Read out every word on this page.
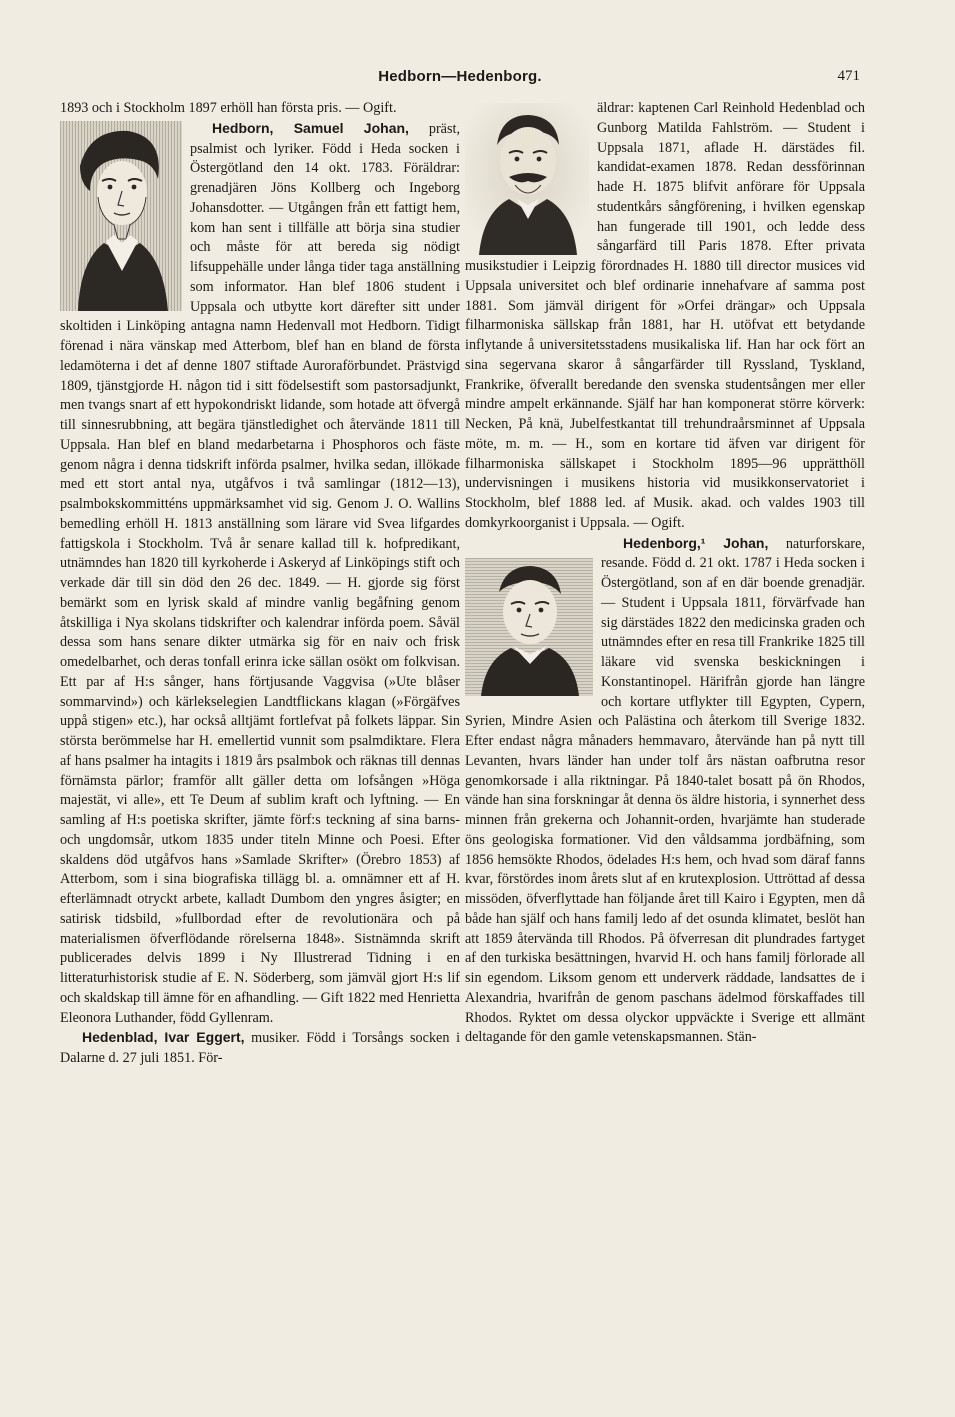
Hedborn—Hedenborg.	471

1893 och i Stockholm 1897 erhöll han första pris. — Ogift.

Hedborn, Samuel Johan, präst, psalmist och lyriker. Född i Heda socken i Östergötland den 14 okt. 1783. Föräldrar: grenadjären Jöns Kollberg och Ingeborg Johansdotter. — Utgången från ett fattigt hem, kom han sent i tillfälle att börja sina studier och måste för att bereda sig nödigt lifsuppehälle under långa tider taga anställning som informator. Han blef 1806 student i Uppsala och utbytte kort därefter sitt under skoltiden i Linköping antagna namn Hedenvall mot Hedborn. Tidigt förenad i nära vänskap med Atterbom, blef han en bland de första ledamöterna i det af denne 1807 stiftade Auroraförbundet. Prästvigd 1809, tjänstgjorde H. någon tid i sitt födelsestift som pastorsadjunkt, men tvangs snart af ett hypokondriskt lidande, som hotade att öfvergå till sinnesrubbning, att begära tjänstledighet och återvände 1811 till Uppsala. Han blef en bland medarbetarna i Phosphoros och fäste genom några i denna tidskrift införda psalmer, hvilka sedan, illökade med ett stort antal nya, utgåfvos i två samlingar (1812—13), psalmbokskommitténs uppmärksamhet vid sig. Genom J. O. Wallins bemedling erhöll H. 1813 anställning som lärare vid Svea lifgardes fattigskola i Stockholm. Två år senare kallad till k. hofpredikant, utnämndes han 1820 till kyrkoherde i Askeryd af Linköpings stift och verkade där till sin död den 26 dec. 1849. — H. gjorde sig först bemärkt som en lyrisk skald af mindre vanlig begåfning genom åtskilliga i Nya skolans tidskrifter och kalendrar införda poem. Såväl dessa som hans senare dikter utmärka sig för en naiv och frisk omedelbarhet, och deras tonfall erinra icke sällan osökt om folkvisan. Ett par af H:s sånger, hans förtjusande Vaggvisa (»Ute blåser sommarvind») och kärlekselegien Landtflickans klagan (»Förgäfves uppå stigen» etc.), har också alltjämt fortlefvat på folkets läppar. Sin största berömmelse har H. emellertid vunnit som psalmdiktare. Flera af hans psalmer ha intagits i 1819 års psalmbok och räknas till dennas förnämsta pärlor; framför allt gäller detta om lofsången »Höga majestät, vi alle», ett Te Deum af sublim kraft och lyftning. — En samling af H:s poetiska skrifter, jämte förf:s teckning af sina barns- och ungdomsår, utkom 1835 under titeln Minne och Poesi. Efter skaldens död utgåfvos hans »Samlade Skrifter» (Örebro 1853) af Atterbom, som i sina biografiska tillägg bl. a. omnämner ett af H. efterlämnadt otryckt arbete, kalladt Dumbom den yngres åsigter; en satirisk tidsbild, »fullbordad efter de revolutionära och på materialismen öfverflödande rörelserna 1848». Sistnämnda skrift publicerades delvis 1899 i Ny Illustrerad Tidning i en litteraturhistorisk studie af E. N. Söderberg, som jämväl gjort H:s lif och skaldskap till ämne för en afhandling. — Gift 1822 med Henrietta Eleonora Luthander, född Gyllenram.

Hedenblad, Ivar Eggert, musiker. Född i Torsångs socken i Dalarne d. 27 juli 1851. För-

äldrar: kaptenen Carl Reinhold Hedenblad och Gunborg Matilda Fahlström. — Student i Uppsala 1871, aflade H. därstädes fil. kandidat-examen 1878. Redan dessförinnan hade H. 1875 blifvit anförare för Uppsala studentkårs sångförening, i hvilken egenskap han fungerade till 1901, och ledde dess sångarfärd till Paris 1878. Efter privata musikstudier i Leipzig förordnades H. 1880 till director musices vid Uppsala universitet och blef ordinarie innehafvare af samma post 1881. Som jämväl dirigent för »Orfei drängar» och Uppsala filharmoniska sällskap från 1881, har H. utöfvat ett betydande inflytande å universitetsstadens musikaliska lif. Han har ock fört an sina segervana skaror å sångarfärder till Ryssland, Tyskland, Frankrike, öfverallt beredande den svenska studentsången mer eller mindre ampelt erkännande. Själf har han komponerat större körverk: Necken, På knä, Jubelfestkantat till trehundraårsminnet af Uppsala möte, m. m. — H., som en kortare tid äfven var dirigent för filharmoniska sällskapet i Stockholm 1895—96 upprätthöll undervisningen i musikens historia vid musikkonservatoriet i Stockholm, blef 1888 led. af Musik. akad. och valdes 1903 till domkyrkoorganist i Uppsala. — Ogift.

Hedenborg,¹ Johan, naturforskare, resande. Född d. 21 okt. 1787 i Heda socken i Östergötland, son af en där boende grenadjär. — Student i Uppsala 1811, förvärfvade han sig därstädes 1822 den medicinska graden och utnämndes efter en resa till Frankrike 1825 till läkare vid svenska beskickningen i Konstantinopel. Härifrån gjorde han längre och kortare utflykter till Egypten, Cypern, Syrien, Mindre Asien och Palästina och återkom till Sverige 1832. Efter endast några månaders hemmavaro, återvände han på nytt till Levanten, hvars länder han under tolf års nästan oafbrutna resor genomkorsade i alla riktningar. På 1840-talet bosatt på ön Rhodos, vände han sina forskningar åt denna ös äldre historia, i synnerhet dess minnen från grekerna och Johannit-orden, hvarjämte han studerade öns geologiska formationer. Vid den våldsamma jordbäfning, som 1856 hemsökte Rhodos, ödelades H:s hem, och hvad som däraf fanns kvar, förstördes inom årets slut af en krutexplosion. Uttröttad af dessa missöden, öfverflyttade han följande året till Kairo i Egypten, men då både han själf och hans familj ledo af det osunda klimatet, beslöt han att 1859 återvända till Rhodos. På öfverresan dit plundrades fartyget af den turkiska besättningen, hvarvid H. och hans familj förlorade all sin egendom. Liksom genom ett underverk räddade, landsattes de i Alexandria, hvarifrån de genom paschans ädelmod förskaffades till Rhodos. Ryktet om dessa olyckor uppväckte i Sverige ett allmänt deltagande för den gamle vetenskapsmannen. Stän-
